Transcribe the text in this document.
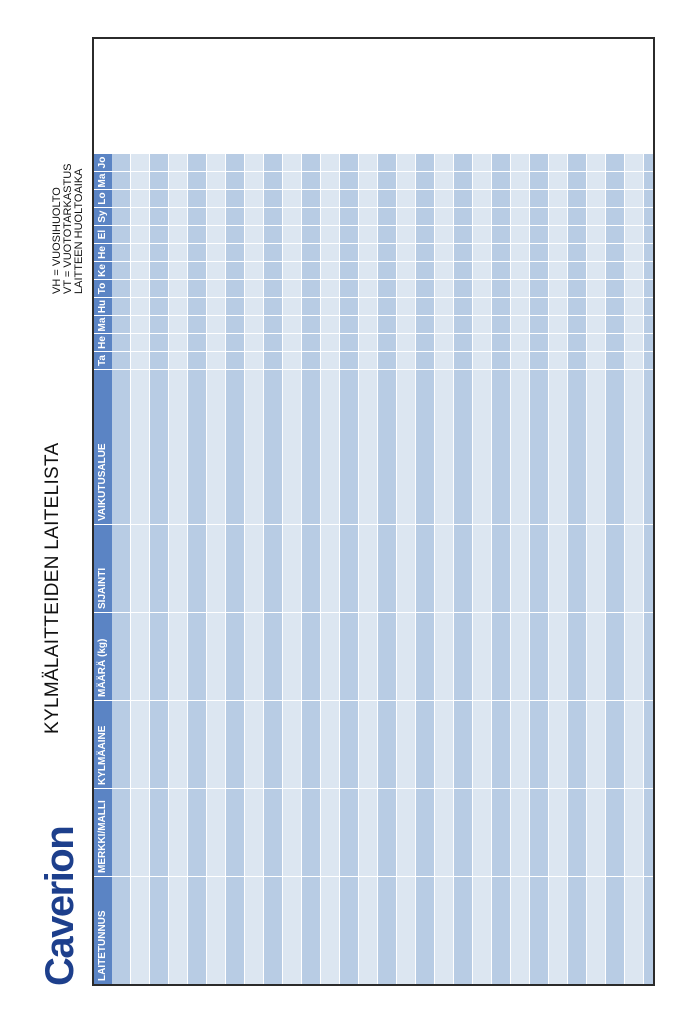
Caverion
KYLMÄLAITTEIDEN LAITELISTA
VH = VUOSIHUOLTO VT = VUOTOTARKASTUS LAITTEEN HUOLTOAIKA
LAITETUNNUS
MERKKI/MALLI
KYLMÄAINE
MÄÄRÄ (kg)
SIJAINTI
VAIKUTUSALUE
Ta
He
Ma
Hu
To
Ke
He
El
Sy
Lo
Ma
Jo
